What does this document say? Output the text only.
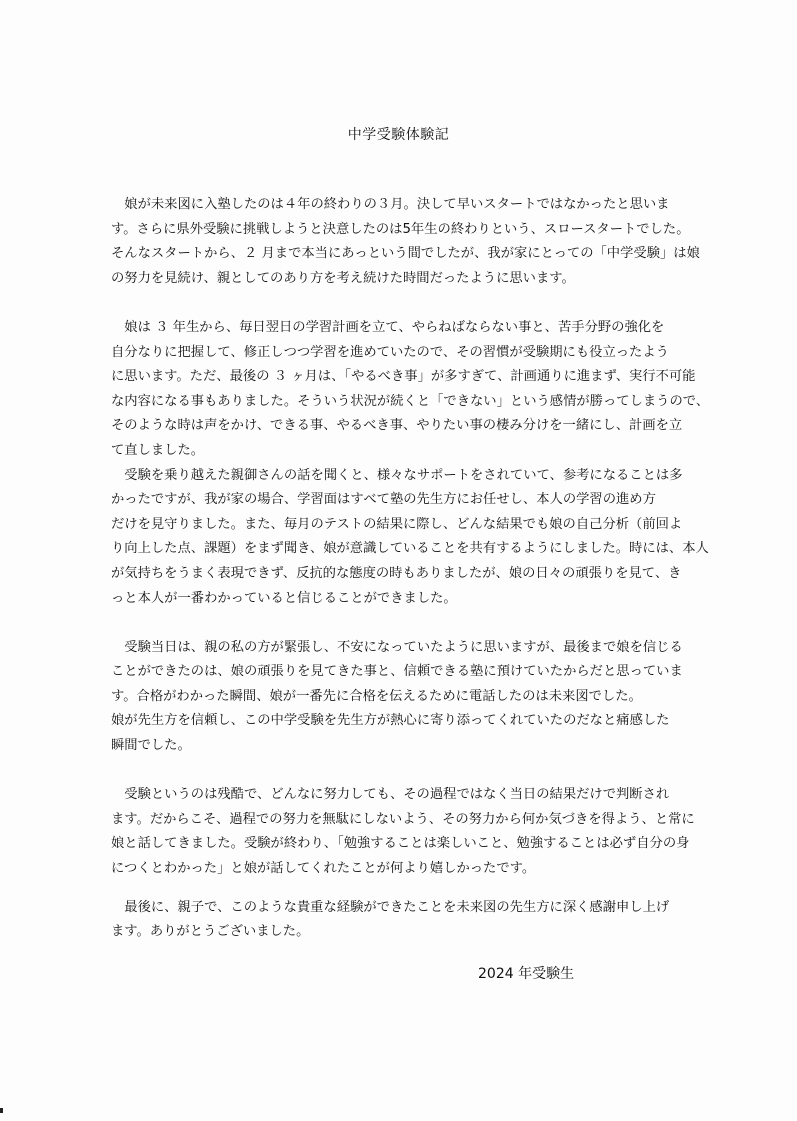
中学受験体験記
　娘が未来図に入塾したのは４年の終わりの３月。決して早いスタートではなかったと思いま
す。さらに県外受験に挑戦しようと決意したのは5年生の終わりという、スロースタートでした。
そんなスタートから、２ 月まで本当にあっという間でしたが、我が家にとっての「中学受験」は娘
の努力を見続け、親としてのあり方を考え続けた時間だったように思います。
　娘は ３ 年生から、毎日翌日の学習計画を立て、やらねばならない事と、苦手分野の強化を
自分なりに把握して、修正しつつ学習を進めていたので、その習慣が受験期にも役立ったよう
に思います。ただ、最後の ３ ヶ月は、「やるべき事」が多すぎて、計画通りに進まず、実行不可能
な内容になる事もありました。そういう状況が続くと「できない」という感情が勝ってしまうので、
そのような時は声をかけ、できる事、やるべき事、やりたい事の棲み分けを一緒にし、計画を立
て直しました。
　受験を乗り越えた親御さんの話を聞くと、様々なサポートをされていて、参考になることは多
かったですが、我が家の場合、学習面はすべて塾の先生方にお任せし、本人の学習の進め方
だけを見守りました。また、毎月のテストの結果に際し、どんな結果でも娘の自己分析（前回よ
り向上した点、課題）をまず聞き、娘が意識していることを共有するようにしました。時には、本人
が気持ちをうまく表現できず、反抗的な態度の時もありましたが、娘の日々の頑張りを見て、き
っと本人が一番わかっていると信じることができました。
　受験当日は、親の私の方が緊張し、不安になっていたように思いますが、最後まで娘を信じる
ことができたのは、娘の頑張りを見てきた事と、信頼できる塾に預けていたからだと思っていま
す。合格がわかった瞬間、娘が一番先に合格を伝えるために電話したのは未来図でした。
娘が先生方を信頼し、この中学受験を先生方が熱心に寄り添ってくれていたのだなと痛感した
瞬間でした。
　受験というのは残酷で、どんなに努力しても、その過程ではなく当日の結果だけで判断され
ます。だからこそ、過程での努力を無駄にしないよう、その努力から何か気づきを得よう、と常に
娘と話してきました。受験が終わり、「勉強することは楽しいこと、勉強することは必ず自分の身
につくとわかった」と娘が話してくれたことが何より嬉しかったです。
　最後に、親子で、このような貴重な経験ができたことを未来図の先生方に深く感謝申し上げ
ます。ありがとうございました。
2024 年受験生
